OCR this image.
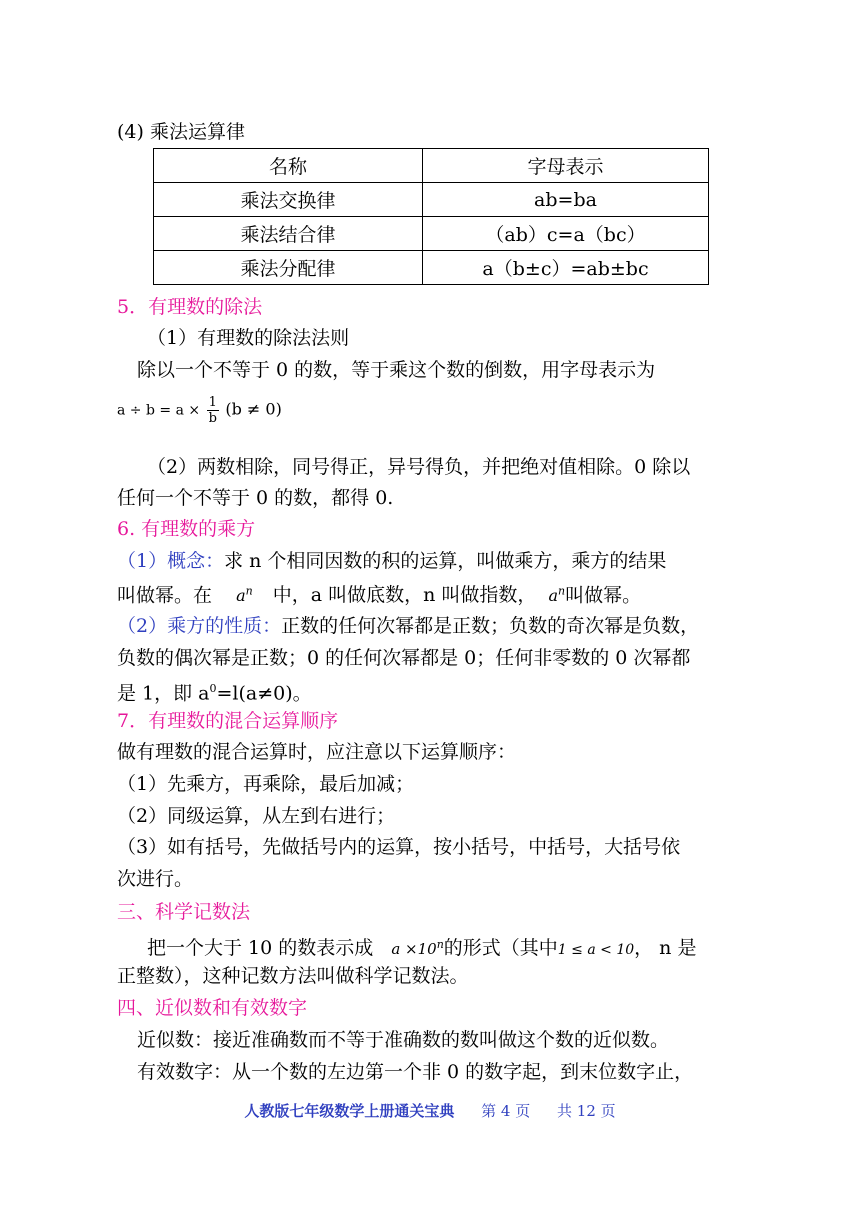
(4) 乘法运算律
名称	字母表示
乘法交换律	ab=ba
乘法结合律	（ab）c=a（bc）
乘法分配律	a（b±c）=ab±bc
5．有理数的除法
（1）有理数的除法法则
除以一个不等于 0 的数，等于乘这个数的倒数，用字母表示为
$a \div b = a \times \frac{1}{b} (b \ne 0)$
（2）两数相除，同号得正，异号得负，并把绝对值相除。0 除以
任何一个不等于 0 的数，都得 0.
6. 有理数的乘方
（1）概念：求 n 个相同因数的积的运算，叫做乘方，乘方的结果
叫做幂。在 $a^n$ 中，a 叫做底数，n 叫做指数， $a^n$叫做幂。
（2）乘方的性质：正数的任何次幂都是正数；负数的奇次幂是负数，
负数的偶次幂是正数；0 的任何次幂都是 0；任何非零数的 0 次幂都
是 1，即 $a^0=l(a\ne 0)$。
7．有理数的混合运算顺序
做有理数的混合运算时，应注意以下运算顺序：
（1）先乘方，再乘除，最后加减；
（2）同级运算，从左到右进行；
（3）如有括号，先做括号内的运算，按小括号，中括号，大括号依
次进行。
三、科学记数法
把一个大于 10 的数表示成 $a \times 10^n$的形式（其中1 ≤ a < 10， n 是
正整数），这种记数方法叫做科学记数法。
四、近似数和有效数字
近似数：接近准确数而不等于准确数的数叫做这个数的近似数。
有效数字：从一个数的左边第一个非 0 的数字起，到末位数字止，
人教版七年级数学上册通关宝典 第 4 页 共 12 页
